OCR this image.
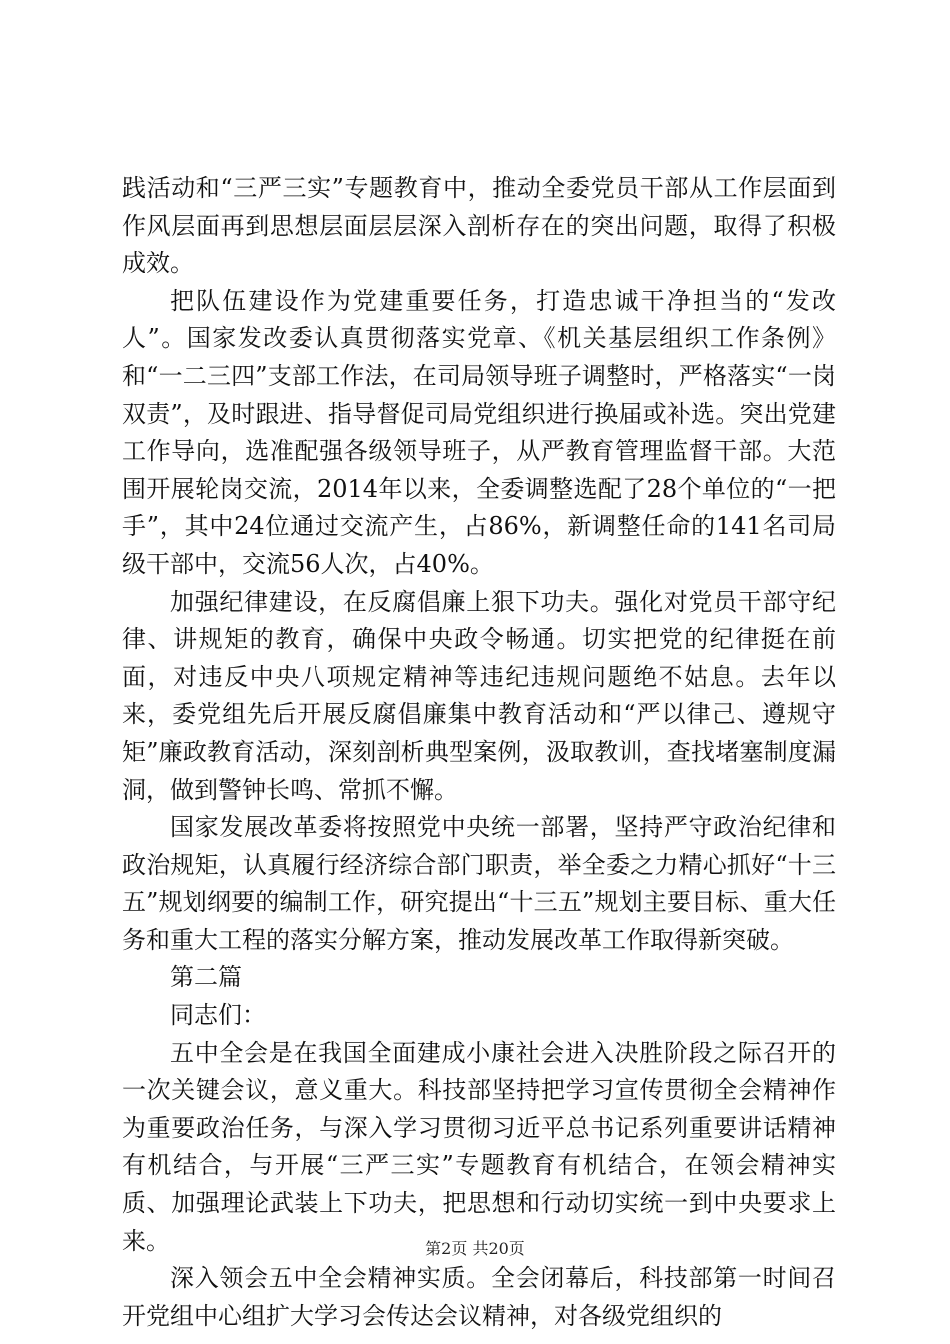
践活动和“三严三实”专题教育中，推动全委党员干部从工作层面到作风层面再到思想层面层层深入剖析存在的突出问题，取得了积极成效。

把队伍建设作为党建重要任务，打造忠诚干净担当的“发改人”。国家发改委认真贯彻落实党章、《机关基层组织工作条例》和“一二三四”支部工作法，在司局领导班子调整时，严格落实“一岗双责”，及时跟进、指导督促司局党组织进行换届或补选。突出党建工作导向，选准配强各级领导班子，从严教育管理监督干部。大范围开展轮岗交流，2014年以来，全委调整选配了28个单位的“一把手”，其中24位通过交流产生，占86%，新调整任命的141名司局级干部中，交流56人次，占40%。

加强纪律建设，在反腐倡廉上狠下功夫。强化对党员干部守纪律、讲规矩的教育，确保中央政令畅通。切实把党的纪律挺在前面，对违反中央八项规定精神等违纪违规问题绝不姑息。去年以来，委党组先后开展反腐倡廉集中教育活动和“严以律己、遵规守矩”廉政教育活动，深刻剖析典型案例，汲取教训，查找堵塞制度漏洞，做到警钟长鸣、常抓不懈。

国家发展改革委将按照党中央统一部署，坚持严守政治纪律和政治规矩，认真履行经济综合部门职责，举全委之力精心抓好“十三五”规划纲要的编制工作，研究提出“十三五”规划主要目标、重大任务和重大工程的落实分解方案，推动发展改革工作取得新突破。

第二篇

同志们：

五中全会是在我国全面建成小康社会进入决胜阶段之际召开的一次关键会议，意义重大。科技部坚持把学习宣传贯彻全会精神作为重要政治任务，与深入学习贯彻习近平总书记系列重要讲话精神有机结合，与开展“三严三实”专题教育有机结合，在领会精神实质、加强理论武装上下功夫，把思想和行动切实统一到中央要求上来。

深入领会五中全会精神实质。全会闭幕后，科技部第一时间召开党组中心组扩大学习会传达会议精神，对各级党组织的

第2页 共20页
